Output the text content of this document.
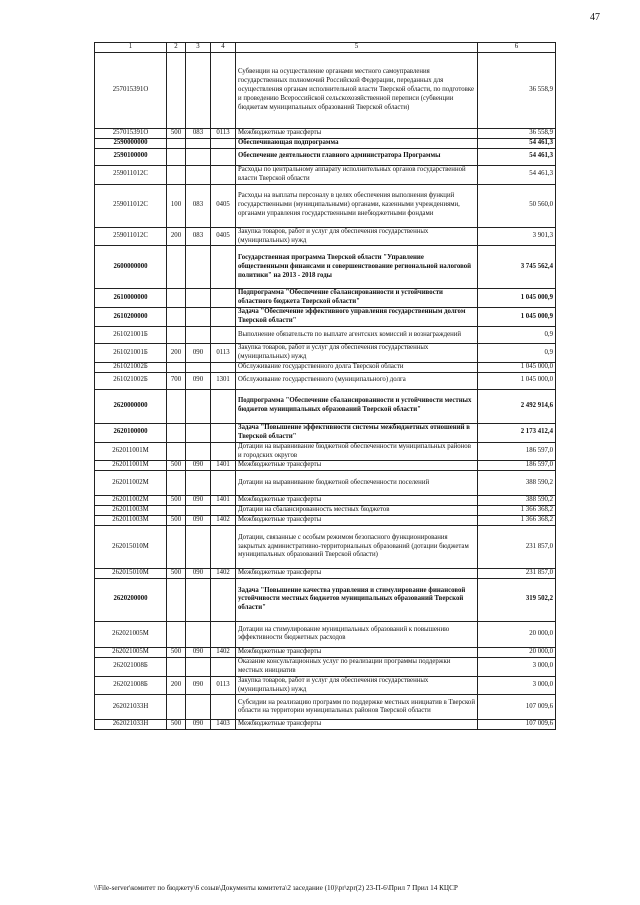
47
1	2	3	4	5	6
257015391O				Субвенции на осуществление органами местного самоуправления государственных полномочий Российской Федерации, переданных для осуществления органам исполнительной власти Тверской области, по подготовке и проведению Всероссийской сельскохозяйственной переписи (субвенции бюджетам муниципальных образований Тверской области)	36 558,9
257015391O	500	083	0113	Межбюджетные трансферты	36 558,9
2590000000				Обеспечивающая подпрограмма	54 461,3
2590100000				Обеспечение деятельности главного администратора Программы	54 461,3
259011012С				Расходы по центральному аппарату исполнительных органов государственной власти Тверской области	54 461,3
259011012С	100	083	0405	Расходы на выплаты персоналу в целях обеспечения выполнения функций государственными (муниципальными) органами, казенными учреждениями, органами управления государственными внебюджетными фондами	50 560,0
259011012С	200	083	0405	Закупка товаров, работ и услуг для обеспечения государственных (муниципальных) нужд	3 901,3
2600000000				Государственная программа Тверской области "Управление общественными финансами и совершенствование региональной налоговой политики" на 2013 - 2018 годы	3 745 562,4
2610000000				Подпрограмма "Обеспечение сбалансированности и устойчивости областного бюджета Тверской области"	1 045 000,9
2610200000				Задача "Обеспечение эффективного управления государственным долгом Тверской области"	1 045 000,9
261021001Б				Выполнение обязательств по выплате агентских комиссий и вознаграждений	0,9
261021001Б	200	090	0113	Закупка товаров, работ и услуг для обеспечения государственных (муниципальных) нужд	0,9
261021002Б				Обслуживание государственного долга Тверской области	1 045 000,0
261021002Б	700	090	1301	Обслуживание государственного (муниципального) долга	1 045 000,0
2620000000				Подпрограмма "Обеспечение сбалансированности и устойчивости местных бюджетов муниципальных образований Тверской области"	2 492 914,6
2620100000				Задача "Повышение эффективности системы межбюджетных отношений в Тверской области"	2 173 412,4
262011001М				Дотации на выравнивание бюджетной обеспеченности муниципальных районов и городских округов	186 597,0
262011001М	500	090	1401	Межбюджетные трансферты	186 597,0
262011002М				Дотации на выравнивание бюджетной обеспеченности поселений	388 590,2
262011002М	500	090	1401	Межбюджетные трансферты	388 590,2
262011003М				Дотации на сбалансированность местных бюджетов	1 366 368,2
262011003М	500	090	1402	Межбюджетные трансферты	1 366 368,2
262015010М				Дотации, связанные с особым режимом безопасного функционирования закрытых административно-территориальных образований (дотации бюджетам муниципальных образований Тверской области)	231 857,0
262015010М	500	090	1402	Межбюджетные трансферты	231 857,0
2620200000				Задача "Повышение качества управления и стимулирование финансовой устойчивости местных бюджетов муниципальных образований Тверской области"	319 502,2
262021005М				Дотации на стимулирование муниципальных образований к повышению эффективности бюджетных расходов	20 000,0
262021005М	500	090	1402	Межбюджетные трансферты	20 000,0
262021008Б				Оказание консультационных услуг по реализации программы поддержки местных инициатив	3 000,0
262021008Б	200	090	0113	Закупка товаров, работ и услуг для обеспечения государственных (муниципальных) нужд	3 000,0
262021033Н				Субсидии на реализацию программ по поддержке местных инициатив в Тверской области на территории муниципальных районов Тверской области	107 009,6
262021033Н	500	090	1403	Межбюджетные трансферты	107 009,6
\\File-server\комитет по бюджету\6 созыв\Документы комитета\2 заседание (10)\pr\zpr(2) 23-П-6\Прил 7 Прил 14 КЦСР
